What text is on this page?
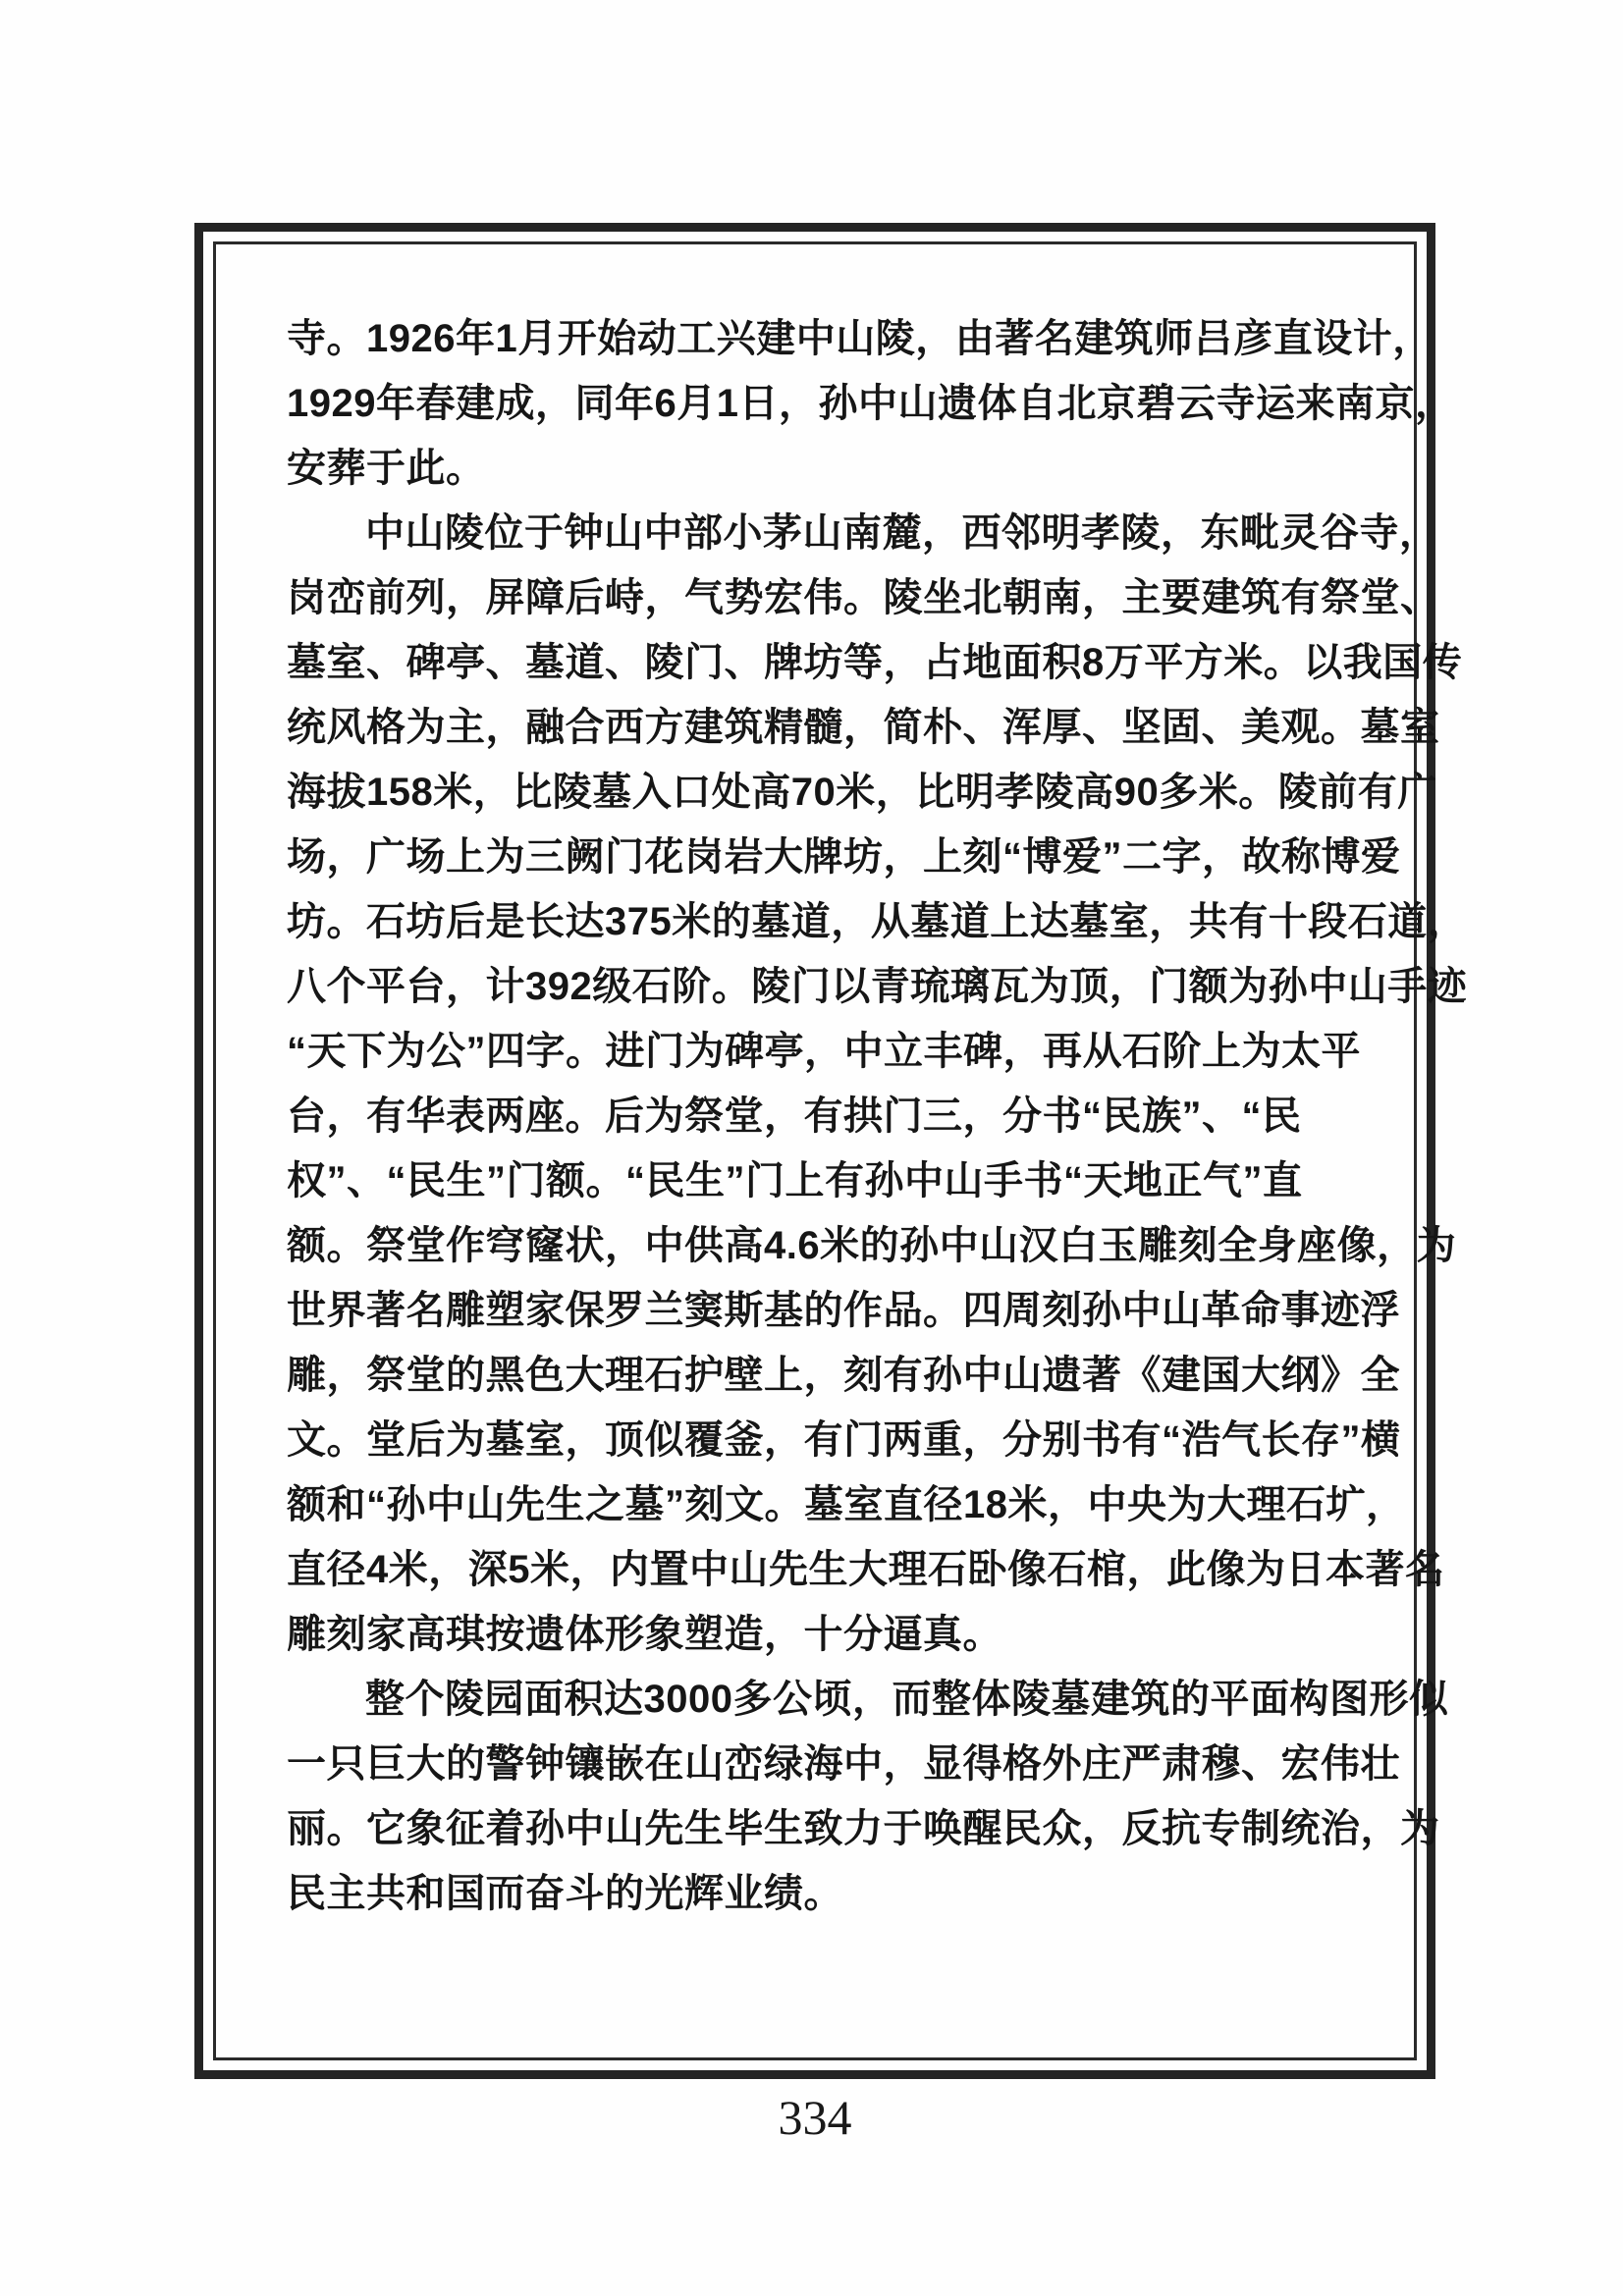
寺。1926年1月开始动工兴建中山陵，由著名建筑师吕彦直设计，
1929年春建成，同年6月1日，孙中山遗体自北京碧云寺运来南京，
安葬于此。
中山陵位于钟山中部小茅山南麓，西邻明孝陵，东毗灵谷寺，
岗峦前列，屏障后峙，气势宏伟。陵坐北朝南，主要建筑有祭堂、
墓室、碑亭、墓道、陵门、牌坊等，占地面积8万平方米。以我国传
统风格为主，融合西方建筑精髓，简朴、浑厚、坚固、美观。墓室
海拔158米，比陵墓入口处高70米，比明孝陵高90多米。陵前有广
场，广场上为三阙门花岗岩大牌坊，上刻“博爱”二字，故称博爱
坊。石坊后是长达375米的墓道，从墓道上达墓室，共有十段石道，
八个平台，计392级石阶。陵门以青琉璃瓦为顶，门额为孙中山手迹
“天下为公”四字。进门为碑亭，中立丰碑，再从石阶上为太平
台，有华表两座。后为祭堂，有拱门三，分书“民族”、“民
权”、“民生”门额。“民生”门上有孙中山手书“天地正气”直
额。祭堂作穹窿状，中供高4.6米的孙中山汉白玉雕刻全身座像，为
世界著名雕塑家保罗兰窦斯基的作品。四周刻孙中山革命事迹浮
雕，祭堂的黑色大理石护壁上，刻有孙中山遗著《建国大纲》全
文。堂后为墓室，顶似覆釜，有门两重，分别书有“浩气长存”横
额和“孙中山先生之墓”刻文。墓室直径18米，中央为大理石圹，
直径4米，深5米，内置中山先生大理石卧像石棺，此像为日本著名
雕刻家高琪按遗体形象塑造，十分逼真。
整个陵园面积达3000多公顷，而整体陵墓建筑的平面构图形似
一只巨大的警钟镶嵌在山峦绿海中，显得格外庄严肃穆、宏伟壮
丽。它象征着孙中山先生毕生致力于唤醒民众，反抗专制统治，为
民主共和国而奋斗的光辉业绩。
334
